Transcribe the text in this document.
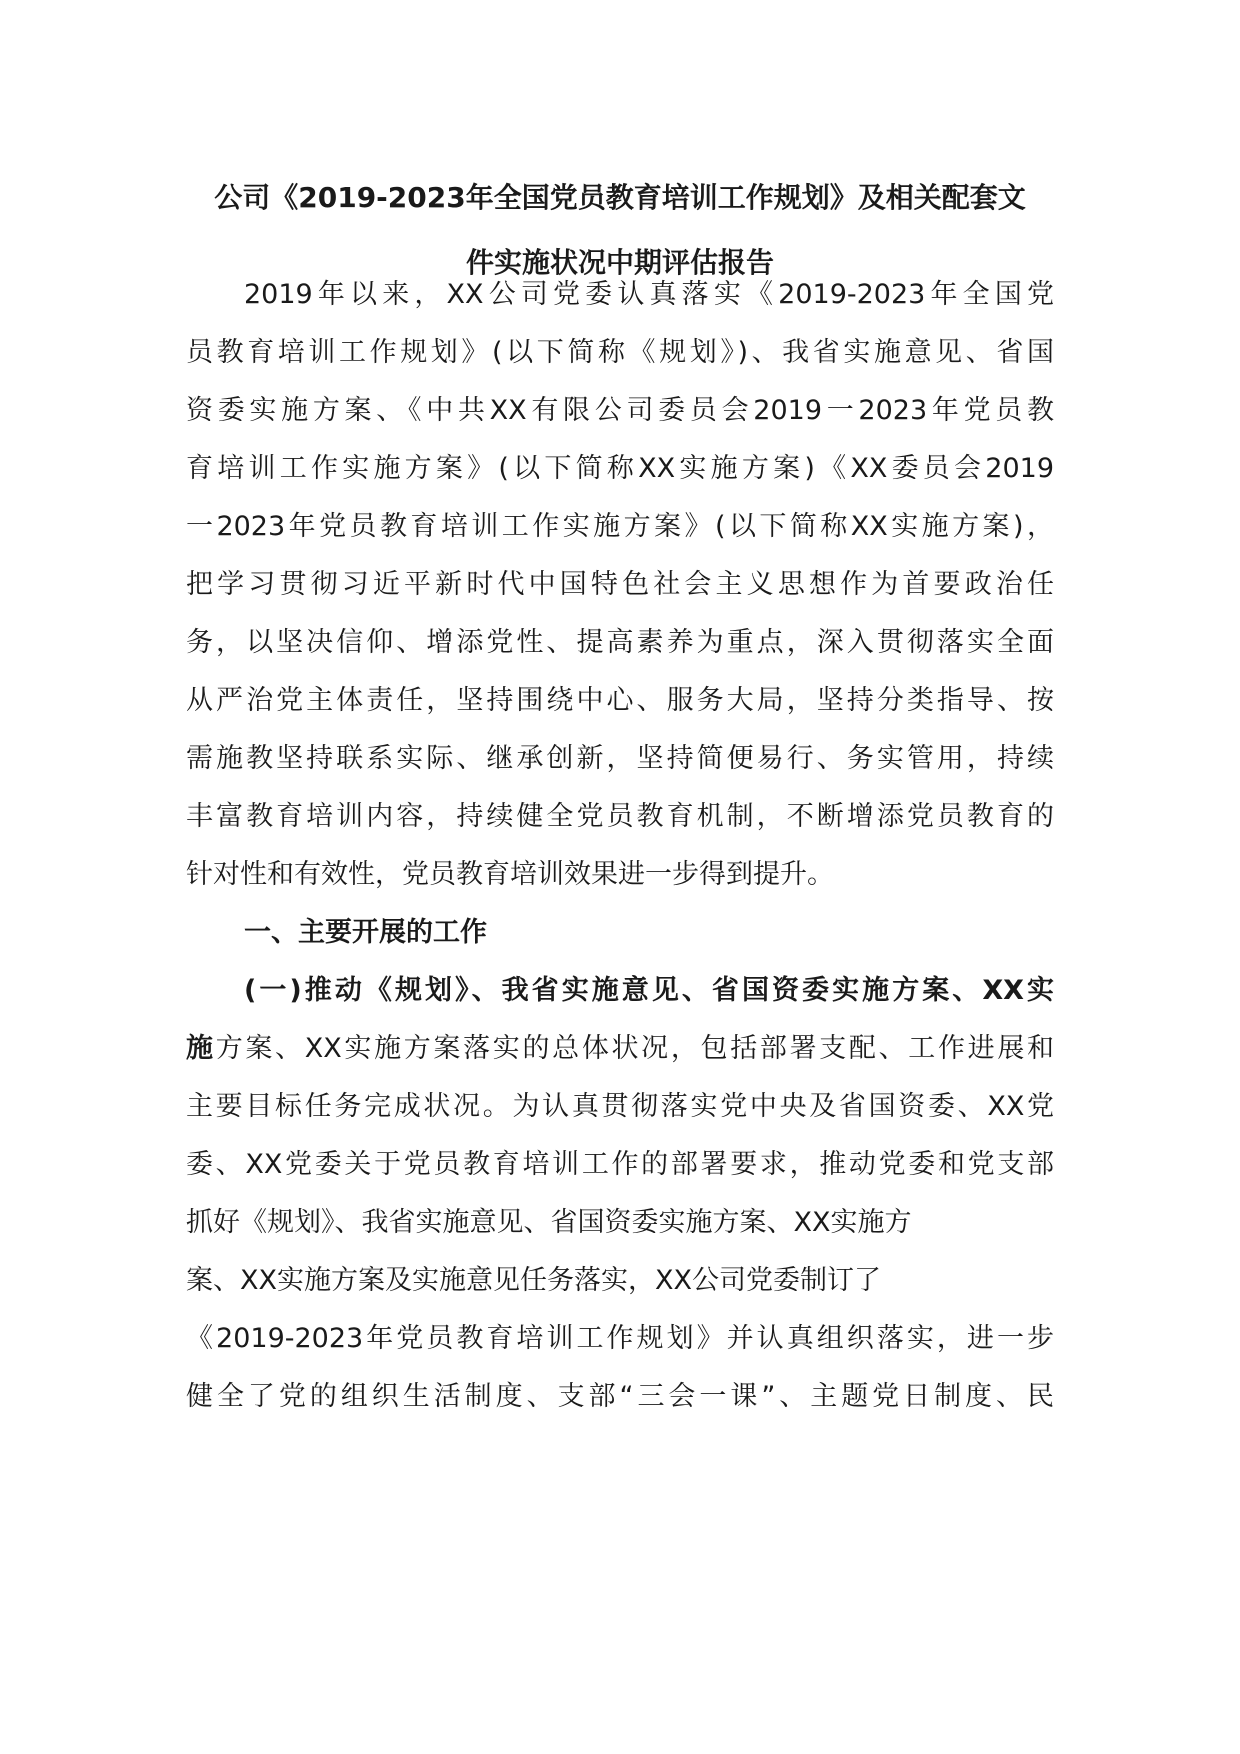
公司《2019-2023年全国党员教育培训工作规划》及相关配套文
件实施状况中期评估报告
2019年以来，XX公司党委认真落实《2019-2023年全国党
员教育培训工作规划》(以下简称《规划》)、我省实施意见、省国
资委实施方案、《中共XX有限公司委员会2019一2023年党员教
育培训工作实施方案》(以下简称XX实施方案)《XX委员会2019
一2023年党员教育培训工作实施方案》(以下简称XX实施方案)，
把学习贯彻习近平新时代中国特色社会主义思想作为首要政治任
务，以坚决信仰、增添党性、提高素养为重点，深入贯彻落实全面
从严治党主体责任，坚持围绕中心、服务大局，坚持分类指导、按
需施教坚持联系实际、继承创新，坚持简便易行、务实管用，持续
丰富教育培训内容，持续健全党员教育机制，不断增添党员教育的
针对性和有效性，党员教育培训效果进一步得到提升。
一、主要开展的工作
(一)推动《规划》、我省实施意见、省国资委实施方案、XX实
施方案、XX实施方案落实的总体状况，包括部署支配、工作进展和
主要目标任务完成状况。为认真贯彻落实党中央及省国资委、XX党
委、XX党委关于党员教育培训工作的部署要求，推动党委和党支部
抓好《规划》、我省实施意见、省国资委实施方案、XX实施方
案、XX实施方案及实施意见任务落实，XX公司党委制订了
《2019-2023年党员教育培训工作规划》并认真组织落实，进一步
健全了党的组织生活制度、支部“三会一课”、主题党日制度、民
